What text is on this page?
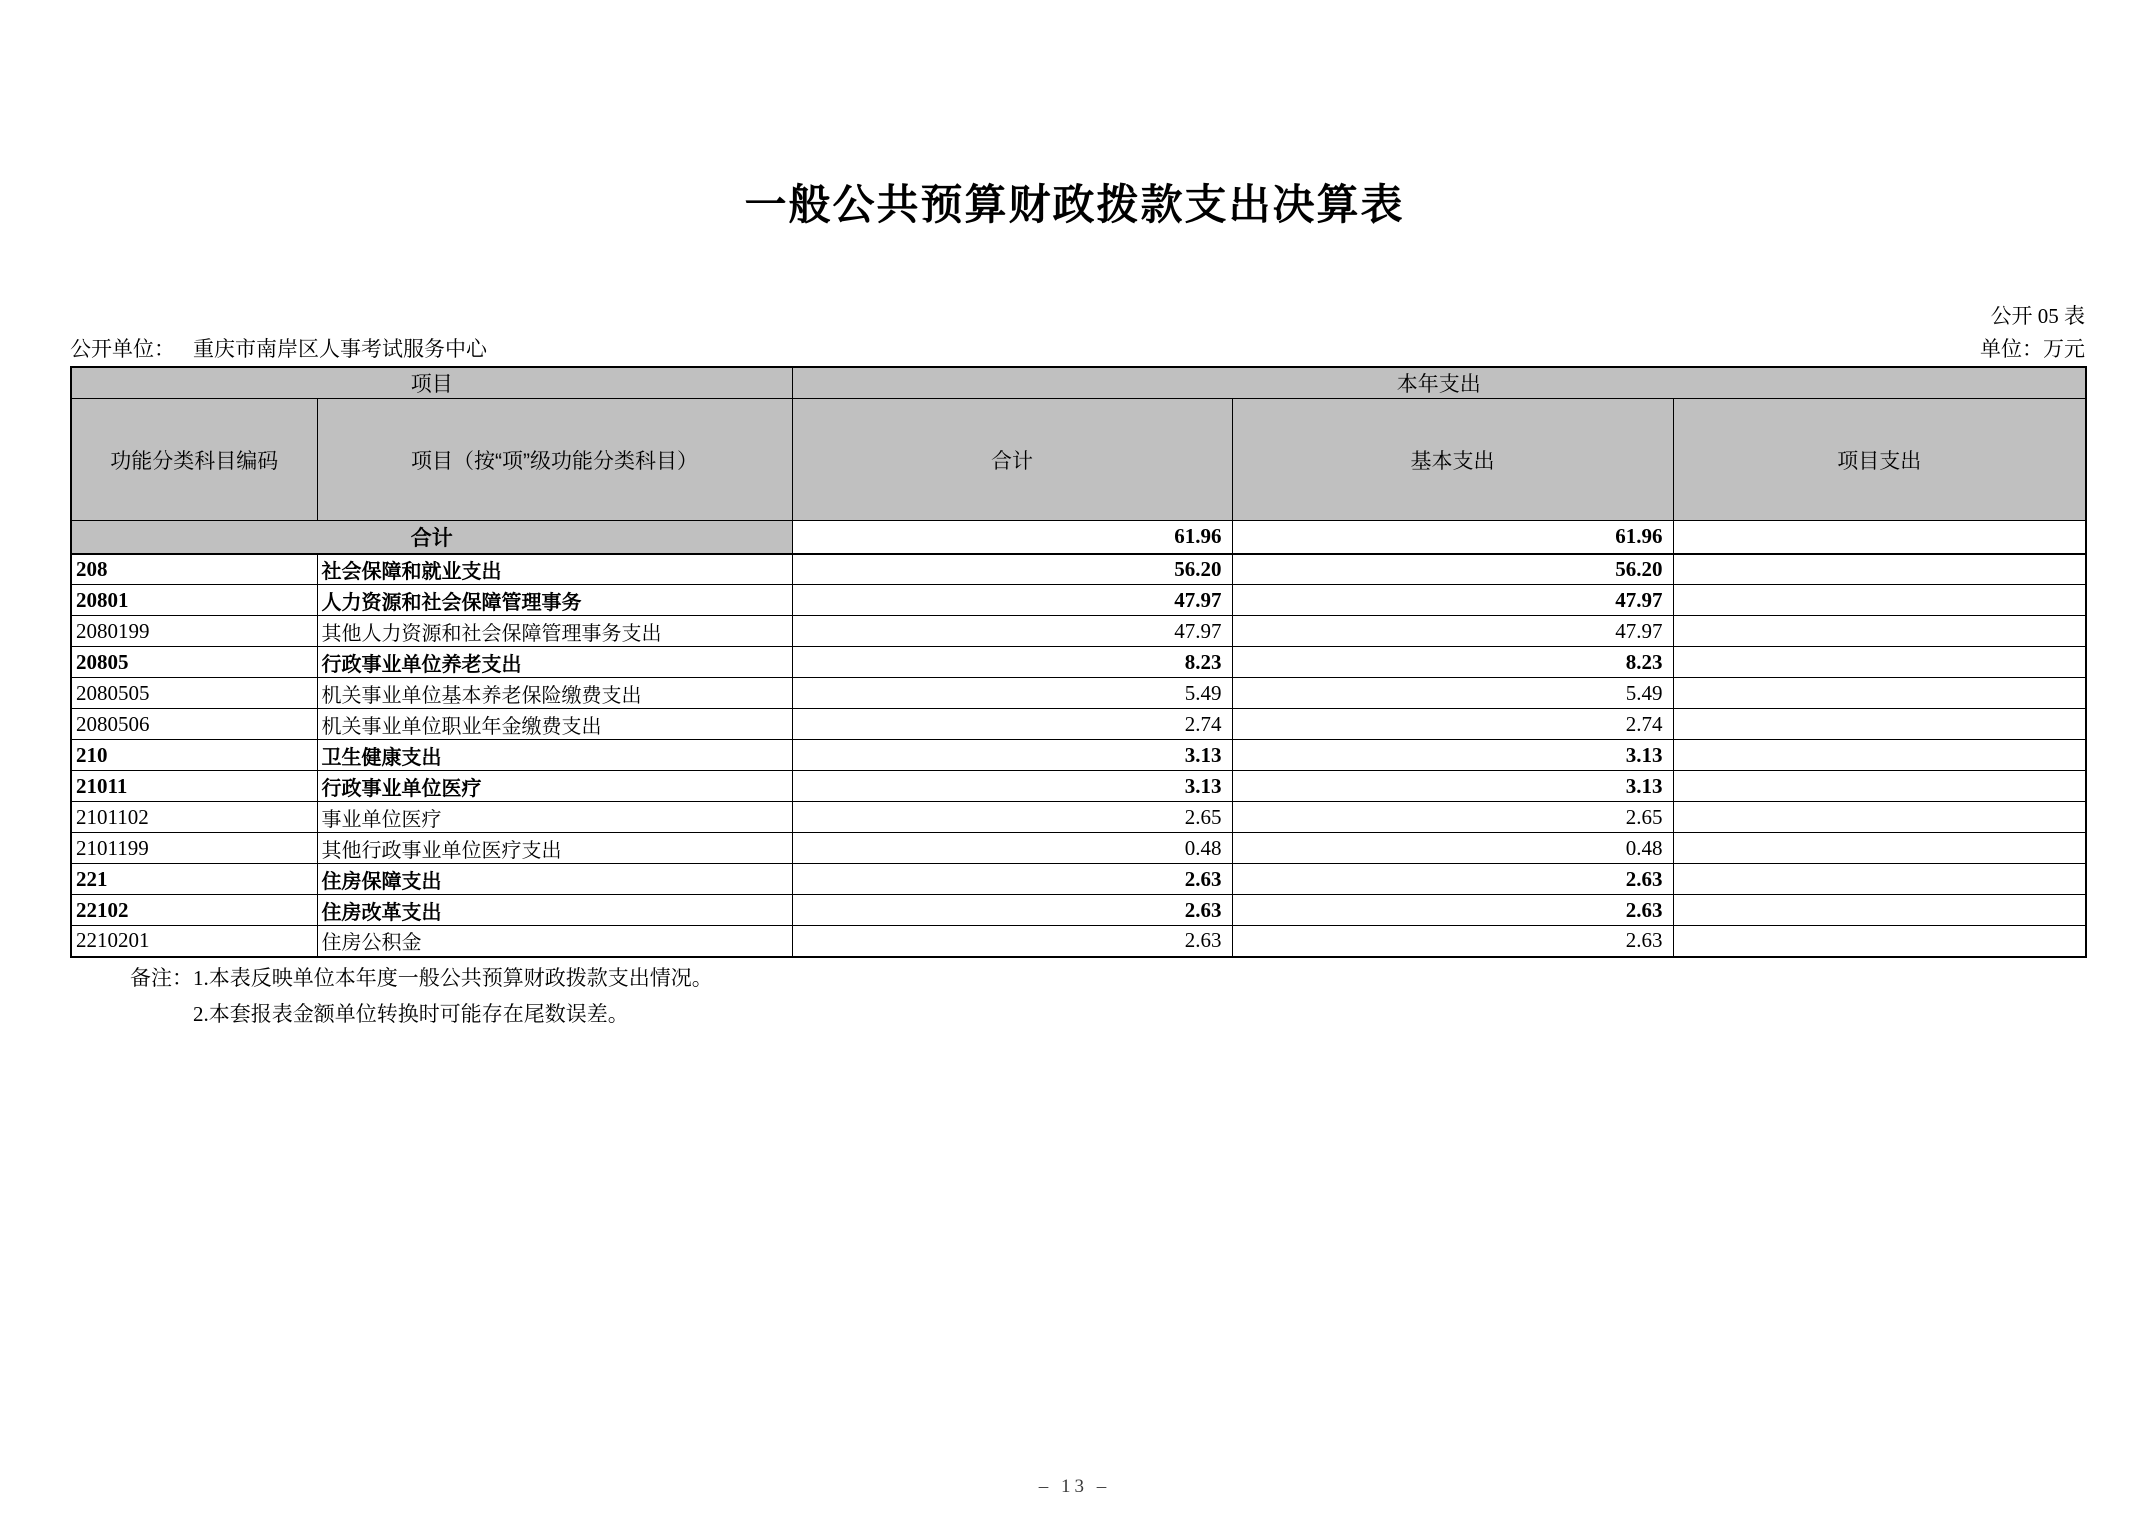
一般公共预算财政拨款支出决算表
公开 05 表
公开单位： 重庆市南岸区人事考试服务中心	单位：万元
项目		本年支出		
功能分类科目编码	项目（按“项”级功能分类科目）	合计	基本支出	项目支出
合计		61.96	61.96	
208	社会保障和就业支出	56.20	56.20	
20801	人力资源和社会保障管理事务	47.97	47.97	
2080199	其他人力资源和社会保障管理事务支出	47.97	47.97	
20805	行政事业单位养老支出	8.23	8.23	
2080505	机关事业单位基本养老保险缴费支出	5.49	5.49	
2080506	机关事业单位职业年金缴费支出	2.74	2.74	
210	卫生健康支出	3.13	3.13	
21011	行政事业单位医疗	3.13	3.13	
2101102	事业单位医疗	2.65	2.65	
2101199	其他行政事业单位医疗支出	0.48	0.48	
221	住房保障支出	2.63	2.63	
22102	住房改革支出	2.63	2.63	
2210201	住房公积金	2.63	2.63	
备注： 1.本表反映单位本年度一般公共预算财政拨款支出情况。
2.本套报表金额单位转换时可能存在尾数误差。
– 13 –
